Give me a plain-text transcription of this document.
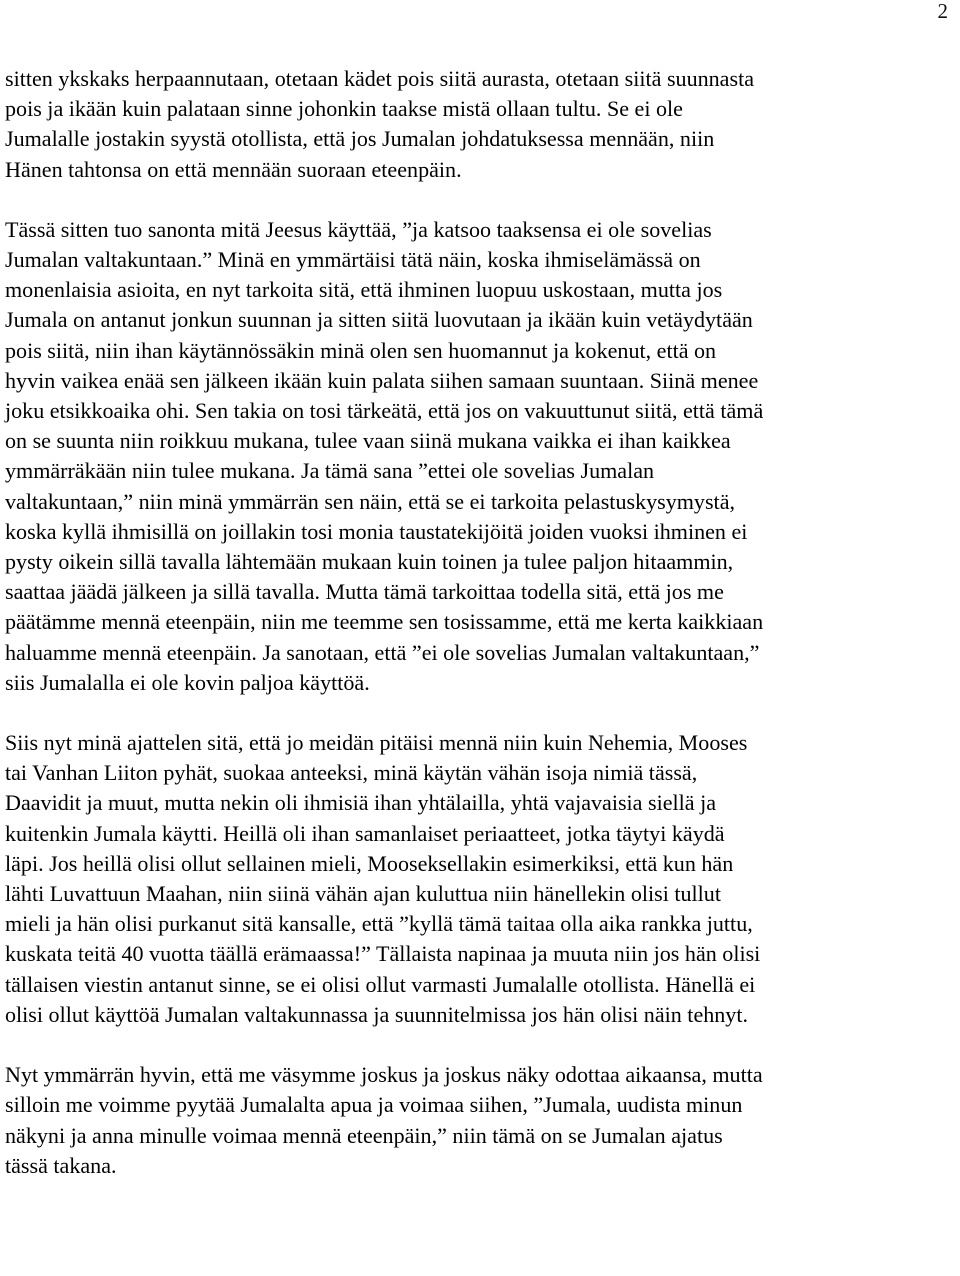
2

sitten ykskaks herpaannutaan, otetaan kädet pois siitä aurasta, otetaan siitä suunnasta
pois ja ikään kuin palataan sinne johonkin taakse mistä ollaan tultu. Se ei ole
Jumalalle jostakin syystä otollista, että jos Jumalan johdatuksessa mennään, niin
Hänen tahtonsa on että mennään suoraan eteenpäin.

Tässä sitten tuo sanonta mitä Jeesus käyttää, ”ja katsoo taaksensa ei ole sovelias
Jumalan valtakuntaan.” Minä en ymmärtäisi tätä näin, koska ihmiselämässä on
monenlaisia asioita, en nyt tarkoita sitä, että ihminen luopuu uskostaan, mutta jos
Jumala on antanut jonkun suunnan ja sitten siitä luovutaan ja ikään kuin vetäydytään
pois siitä, niin ihan käytännössäkin minä olen sen huomannut ja kokenut, että on
hyvin vaikea enää sen jälkeen ikään kuin palata siihen samaan suuntaan. Siinä menee
joku etsikkoaika ohi. Sen takia on tosi tärkeätä, että jos on vakuuttunut siitä, että tämä
on se suunta niin roikkuu mukana, tulee vaan siinä mukana vaikka ei ihan kaikkea
ymmärräkään niin tulee mukana. Ja tämä sana ”ettei ole sovelias Jumalan
valtakuntaan,” niin minä ymmärrän sen näin, että se ei tarkoita pelastuskysymystä,
koska kyllä ihmisillä on joillakin tosi monia taustatekijöitä joiden vuoksi ihminen ei
pysty oikein sillä tavalla lähtemään mukaan kuin toinen ja tulee paljon hitaammin,
saattaa jäädä jälkeen ja sillä tavalla. Mutta tämä tarkoittaa todella sitä, että jos me
päätämme mennä eteenpäin, niin me teemme sen tosissamme, että me kerta kaikkiaan
haluamme mennä eteenpäin. Ja sanotaan, että ”ei ole sovelias Jumalan valtakuntaan,”
siis Jumalalla ei ole kovin paljoa käyttöä.

Siis nyt minä ajattelen sitä, että jo meidän pitäisi mennä niin kuin Nehemia, Mooses
tai Vanhan Liiton pyhät, suokaa anteeksi, minä käytän vähän isoja nimiä tässä,
Daavidit ja muut, mutta nekin oli ihmisiä ihan yhtälailla, yhtä vajavaisia siellä ja
kuitenkin Jumala käytti. Heillä oli ihan samanlaiset periaatteet, jotka täytyi käydä
läpi. Jos heillä olisi ollut sellainen mieli, Mooseksellakin esimerkiksi, että kun hän
lähti Luvattuun Maahan, niin siinä vähän ajan kuluttua niin hänellekin olisi tullut
mieli ja hän olisi purkanut sitä kansalle, että ”kyllä tämä taitaa olla aika rankka juttu,
kuskata teitä 40 vuotta täällä erämaassa!” Tällaista napinaa ja muuta niin jos hän olisi
tällaisen viestin antanut sinne, se ei olisi ollut varmasti Jumalalle otollista. Hänellä ei
olisi ollut käyttöä Jumalan valtakunnassa ja suunnitelmissa jos hän olisi näin tehnyt.

Nyt ymmärrän hyvin, että me väsymme joskus ja joskus näky odottaa aikaansa, mutta
silloin me voimme pyytää Jumalalta apua ja voimaa siihen, ”Jumala, uudista minun
näkyni ja anna minulle voimaa mennä eteenpäin,” niin tämä on se Jumalan ajatus
tässä takana.
